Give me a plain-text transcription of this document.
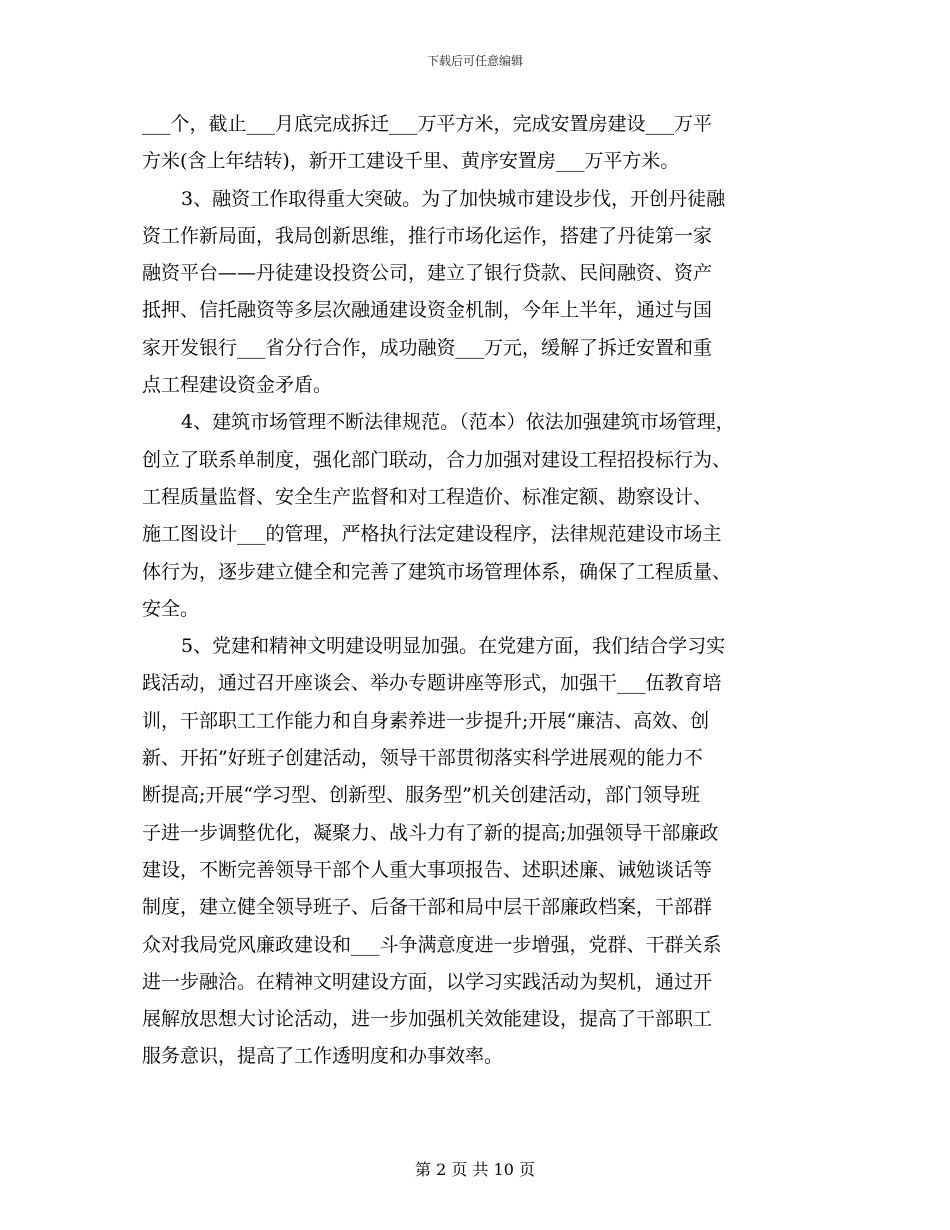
下载后可任意编辑
___个，截止___月底完成拆迁___万平方米，完成安置房建设___万平
方米(含上年结转)，新开工建设千里、黄序安置房___万平方米。
3、融资工作取得重大突破。为了加快城市建设步伐，开创丹徒融
资工作新局面，我局创新思维，推行市场化运作，搭建了丹徒第一家
融资平台——丹徒建设投资公司，建立了银行贷款、民间融资、资产
抵押、信托融资等多层次融通建设资金机制，今年上半年，通过与国
家开发银行___省分行合作，成功融资___万元，缓解了拆迁安置和重
点工程建设资金矛盾。
4、建筑市场管理不断法律规范。（范本）依法加强建筑市场管理，
创立了联系单制度，强化部门联动，合力加强对建设工程招投标行为、
工程质量监督、安全生产监督和对工程造价、标准定额、勘察设计、
施工图设计___的管理，严格执行法定建设程序，法律规范建设市场主
体行为，逐步建立健全和完善了建筑市场管理体系，确保了工程质量、
安全。
5、党建和精神文明建设明显加强。在党建方面，我们结合学习实
践活动，通过召开座谈会、举办专题讲座等形式，加强干___伍教育培
训，干部职工工作能力和自身素养进一步提升;开展“廉洁、高效、创
新、开拓”好班子创建活动，领导干部贯彻落实科学进展观的能力不
断提高;开展“学习型、创新型、服务型”机关创建活动，部门领导班
子进一步调整优化，凝聚力、战斗力有了新的提高;加强领导干部廉政
建设，不断完善领导干部个人重大事项报告、述职述廉、诫勉谈话等
制度，建立健全领导班子、后备干部和局中层干部廉政档案，干部群
众对我局党风廉政建设和___斗争满意度进一步增强，党群、干群关系
进一步融洽。在精神文明建设方面，以学习实践活动为契机，通过开
展解放思想大讨论活动，进一步加强机关效能建设，提高了干部职工
服务意识，提高了工作透明度和办事效率。
第 2 页 共 10 页
